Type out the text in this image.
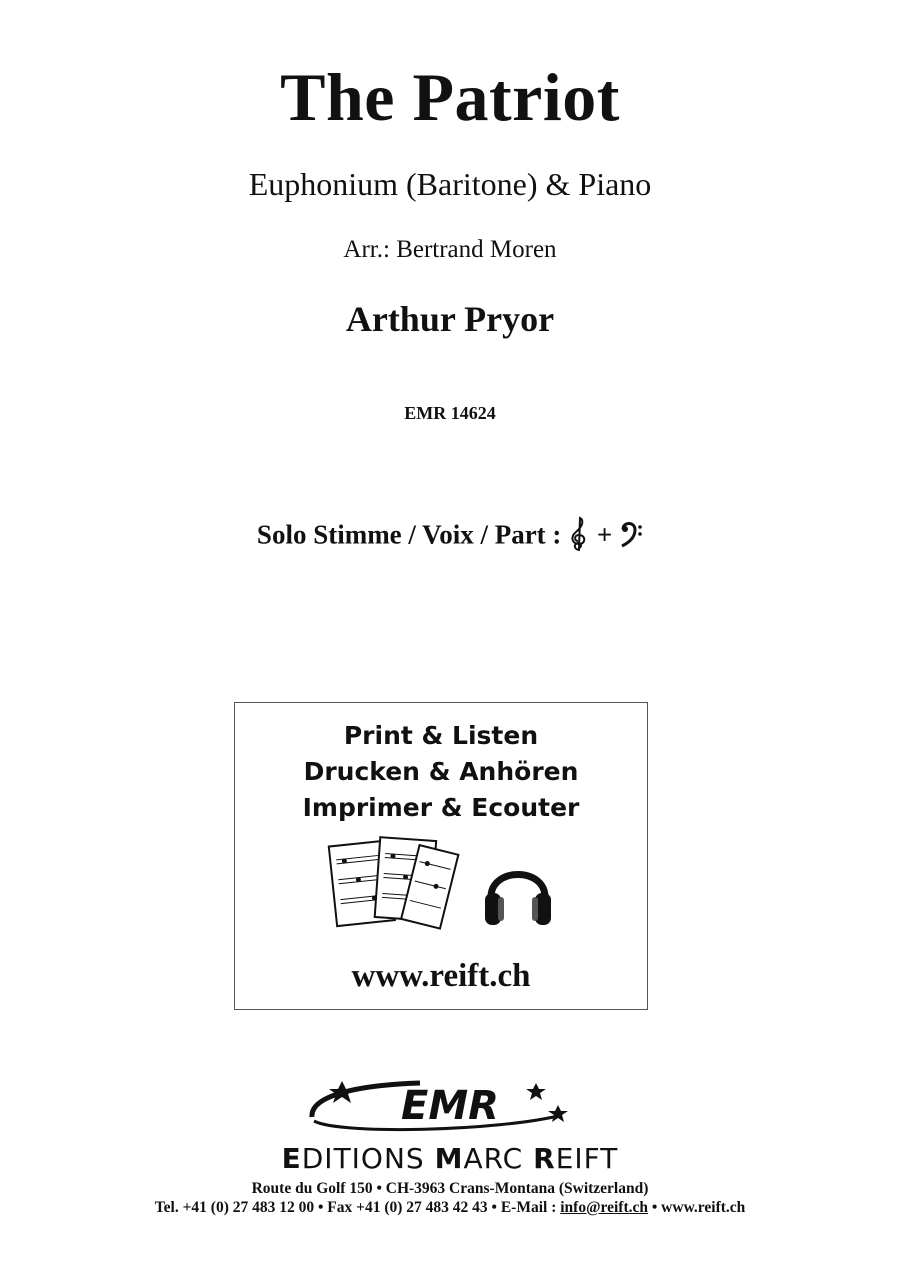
The Patriot
Euphonium (Baritone) & Piano
Arr.: Bertrand Moren
Arthur Pryor
EMR 14624
Solo Stimme / Voix / Part : +
Print & Listen
Drucken & Anhören
Imprimer & Ecouter
www.reift.ch
EMR
EDITIONS MARC REIFT
Route du Golf 150 • CH-3963 Crans-Montana (Switzerland)
Tel. +41 (0) 27 483 12 00 • Fax +41 (0) 27 483 42 43 • E-Mail : info@reift.ch • www.reift.ch
